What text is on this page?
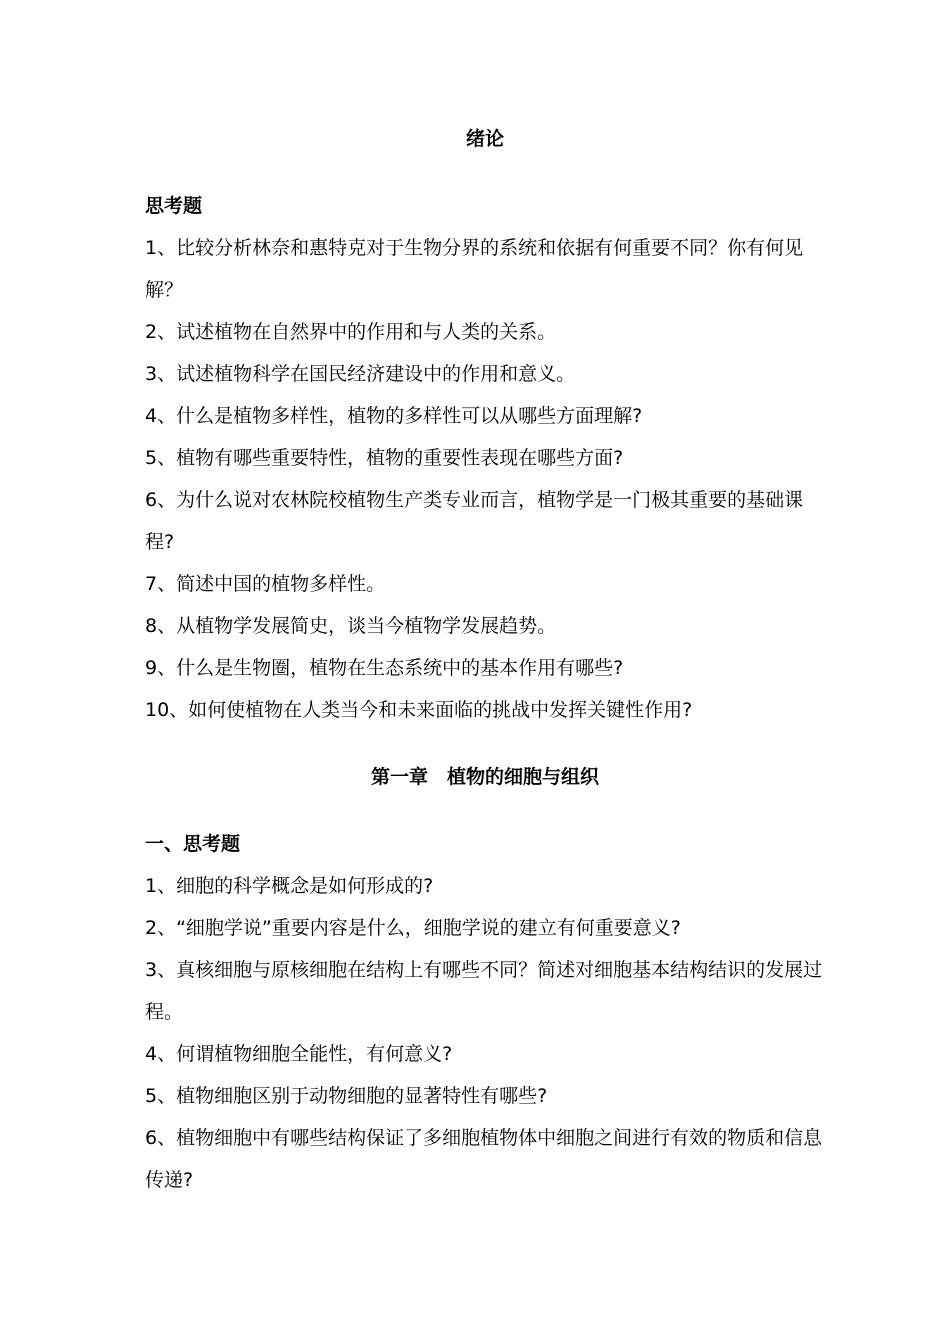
绪论
思考题
1、比较分析林奈和惠特克对于生物分界的系统和依据有何重要不同？你有何见解？
2、试述植物在自然界中的作用和与人类的关系。
3、试述植物科学在国民经济建设中的作用和意义。
4、什么是植物多样性，植物的多样性可以从哪些方面理解?
5、植物有哪些重要特性，植物的重要性表现在哪些方面?
6、为什么说对农林院校植物生产类专业而言，植物学是一门极其重要的基础课程?
7、简述中国的植物多样性。
8、从植物学发展简史，谈当今植物学发展趋势。
9、什么是生物圈，植物在生态系统中的基本作用有哪些?
10、如何使植物在人类当今和未来面临的挑战中发挥关键性作用?
第一章　植物的细胞与组织
一、思考题
1、细胞的科学概念是如何形成的?
2、“细胞学说”重要内容是什么，细胞学说的建立有何重要意义?
3、真核细胞与原核细胞在结构上有哪些不同？简述对细胞基本结构结识的发展过程。
4、何谓植物细胞全能性，有何意义?
5、植物细胞区别于动物细胞的显著特性有哪些?
6、植物细胞中有哪些结构保证了多细胞植物体中细胞之间进行有效的物质和信息传递?
